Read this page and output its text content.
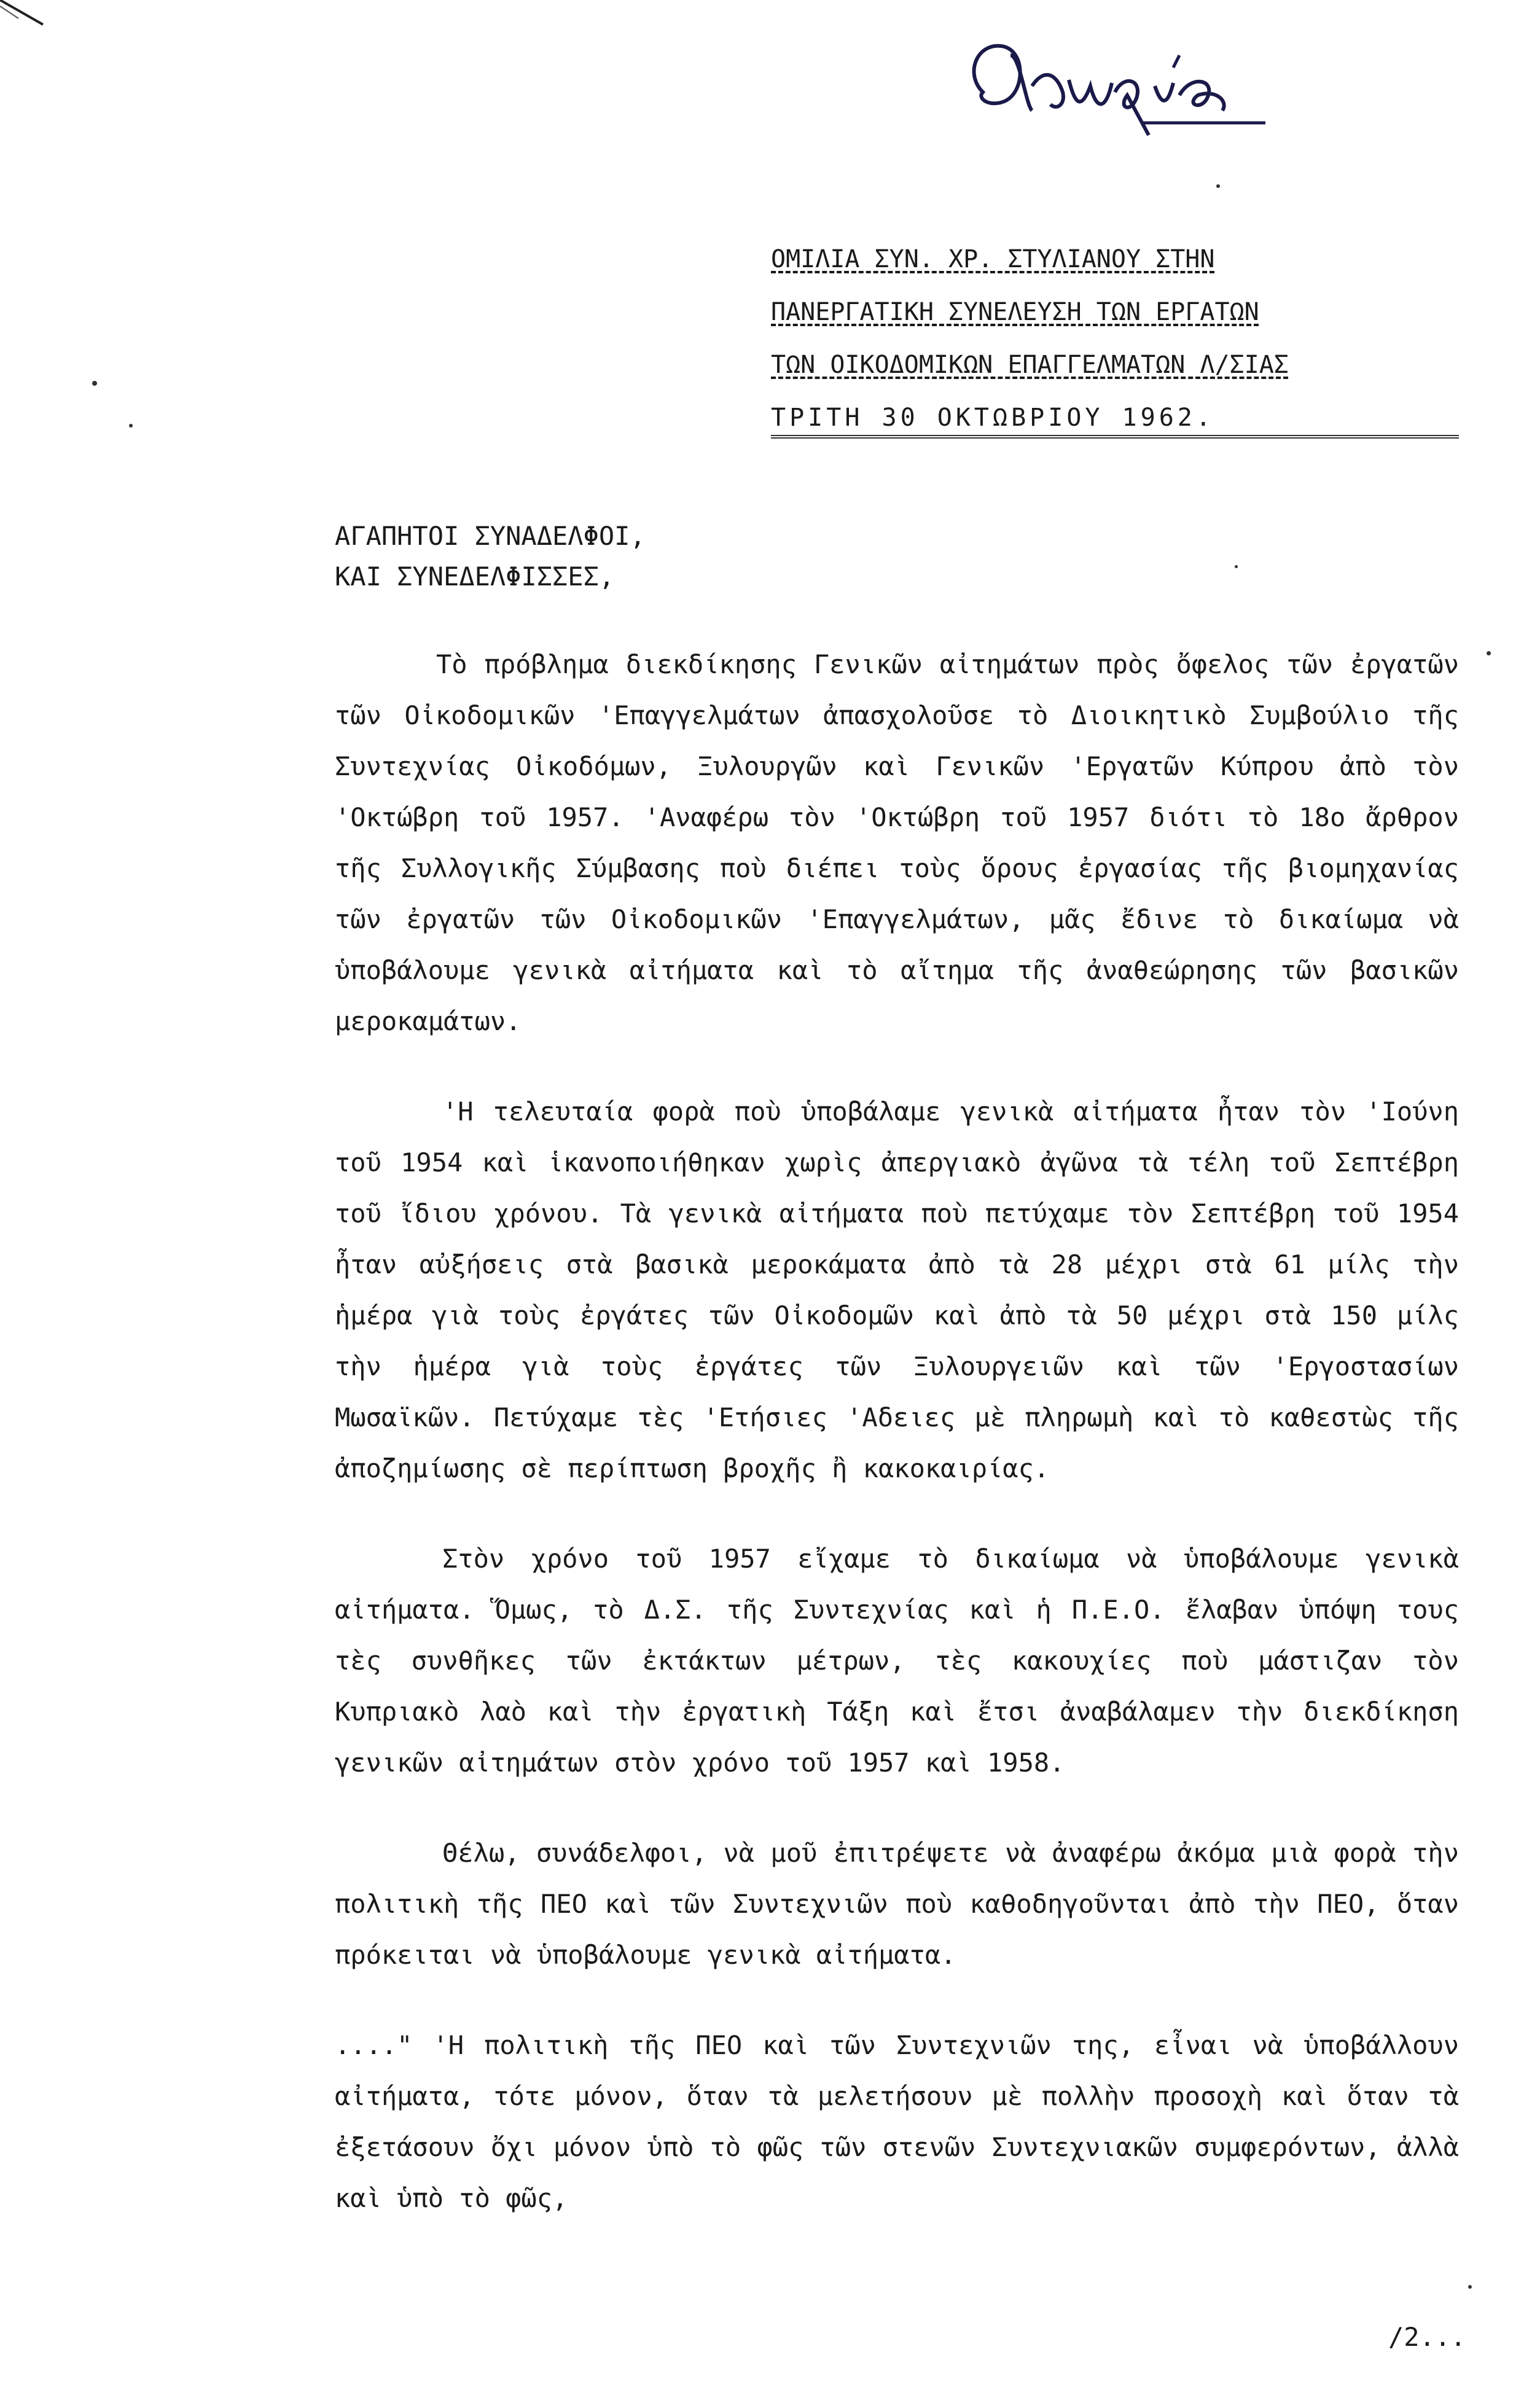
ΟΜΙΛΙΑ ΣΥΝ. ΧΡ. ΣΤΥΛΙΑΝΟΥ ΣΤΗΝ
ΠΑΝΕΡΓΑΤΙΚΗ ΣΥΝΕΛΕΥΣΗ ΤΩΝ ΕΡΓΑΤΩΝ
ΤΩΝ ΟΙΚΟΔΟΜΙΚΩΝ ΕΠΑΓΓΕΛΜΑΤΩΝ Λ/ΣΙΑΣ
ΤΡΙΤΗ 30 ΟΚΤΩΒΡΙΟΥ 1962.
ΑΓΑΠΗΤΟΙ ΣΥΝΑΔΕΛΦΟΙ,
ΚΑΙ ΣΥΝΕΔΕΛΦΙΣΣΕΣ,

Τὸ πρόβλημα διεκδίκησης Γενικῶν αἰτημάτων πρὸς ὄφελος τῶν ἐργατῶν τῶν Οἰκοδομικῶν 'Επαγγελμάτων ἀπασχολοῦσε τὸ Διοικητικὸ Συμβούλιο τῆς Συντεχνίας Οἰκοδόμων, Ξυλουργῶν καὶ Γενικῶν 'Εργατῶν Κύπρου ἀπὸ τὸν 'Οκτώβρη τοῦ 1957. 'Αναφέρω τὸν 'Οκτώβρη τοῦ 1957 διότι τὸ 18ο ἄρθρον τῆς Συλλογικῆς Σύμβασης ποὺ διέπει τοὺς ὅρους ἐργασίας τῆς βιομηχανίας τῶν ἐργατῶν τῶν Οἰκοδομικῶν 'Επαγγελμάτων, μᾶς ἔδινε τὸ δικαίωμα νὰ ὑποβάλουμε γενικὰ αἰτήματα καὶ τὸ αἴτημα τῆς ἀναθεώρησης τῶν βασικῶν μεροκαμάτων.

'Η τελευταία φορὰ ποὺ ὑποβάλαμε γενικὰ αἰτήματα ἦταν τὸν 'Ιούνη τοῦ 1954 καὶ ἱκανοποιήθηκαν χωρὶς ἀπεργιακὸ ἀγῶνα τὰ τέλη τοῦ Σεπτέβρη τοῦ ἴδιου χρόνου. Τὰ γενικὰ αἰτήματα ποὺ πετύχαμε τὸν Σεπτέβρη τοῦ 1954 ἦταν αὐξήσεις στὰ βασικὰ μεροκάματα ἀπὸ τὰ 28 μέχρι στὰ 61 μίλς τὴν ἡμέρα γιὰ τοὺς ἐργάτες τῶν Οἰκοδομῶν καὶ ἀπὸ τὰ 50 μέχρι στὰ 150 μίλς τὴν ἡμέρα γιὰ τοὺς ἐργάτες τῶν Ξυλουργειῶν καὶ τῶν 'Εργοστασίων Μωσαϊκῶν. Πετύχαμε τὲς 'Ετήσιες 'Αδειες μὲ πληρωμὴ καὶ τὸ καθεστὼς τῆς ἀποζημίωσης σὲ περίπτωση βροχῆς ἢ κακοκαιρίας.

Στὸν χρόνο τοῦ 1957 εἴχαμε τὸ δικαίωμα νὰ ὑποβάλουμε γενικὰ αἰτήματα. Ὅμως, τὸ Δ.Σ. τῆς Συντεχνίας καὶ ἡ Π.Ε.Ο. ἔλαβαν ὑπόψη τους τὲς συνθῆκες τῶν ἐκτάκτων μέτρων, τὲς κακουχίες ποὺ μάστιζαν τὸν Κυπριακὸ λαὸ καὶ τὴν ἐργατικὴ Τάξη καὶ ἔτσι ἀναβάλαμεν τὴν διεκδίκηση γενικῶν αἰτημάτων στὸν χρόνο τοῦ 1957 καὶ 1958.

Θέλω, συνάδελφοι, νὰ μοῦ ἐπιτρέψετε νὰ ἀναφέρω ἀκόμα μιὰ φορὰ τὴν πολιτικὴ τῆς ΠΕΟ καὶ τῶν Συντεχνιῶν ποὺ καθοδηγοῦνται ἀπὸ τὴν ΠΕΟ, ὅταν πρόκειται νὰ ὑποβάλουμε γενικὰ αἰτήματα.

...." 'Η πολιτικὴ τῆς ΠΕΟ καὶ τῶν Συντεχνιῶν της, εἶναι νὰ ὑποβάλλουν αἰτήματα, τότε μόνον, ὅταν τὰ μελετήσουν μὲ πολλὴν προσοχὴ καὶ ὅταν τὰ ἐξετάσουν ὄχι μόνον ὑπὸ τὸ φῶς τῶν στενῶν Συντεχνιακῶν συμφερόντων, ἀλλὰ καὶ ὑπὸ τὸ φῶς,

/2...
